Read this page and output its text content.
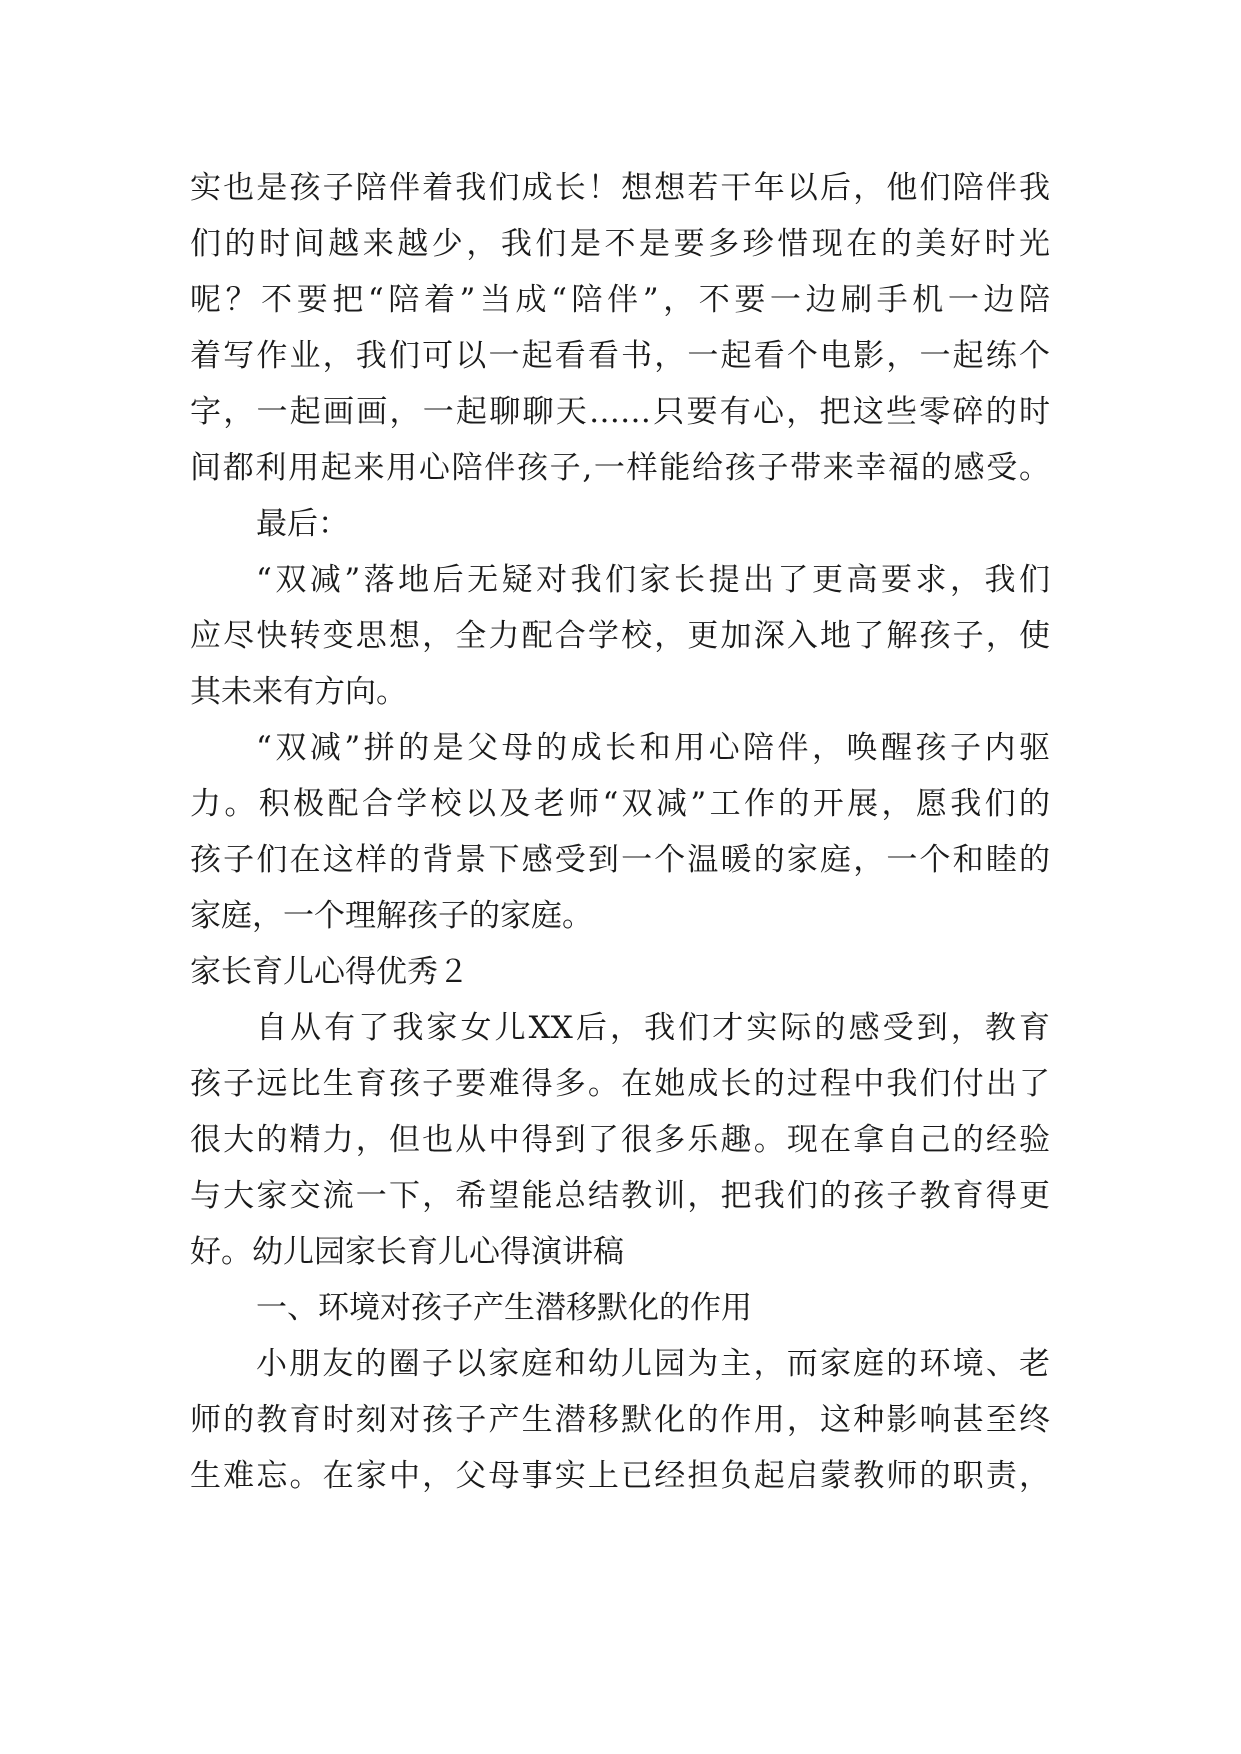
实也是孩子陪伴着我们成长！想想若干年以后，他们陪伴我
们的时间越来越少，我们是不是要多珍惜现在的美好时光
呢？不要把“陪着”当成“陪伴”，不要一边刷手机一边陪
着写作业，我们可以一起看看书，一起看个电影，一起练个
字，一起画画，一起聊聊天……只要有心，把这些零碎的时
间都利用起来用心陪伴孩子,一样能给孩子带来幸福的感受。
最后：
“双减”落地后无疑对我们家长提出了更高要求，我们
应尽快转变思想，全力配合学校，更加深入地了解孩子，使
其未来有方向。
“双减”拼的是父母的成长和用心陪伴，唤醒孩子内驱
力。积极配合学校以及老师“双减”工作的开展，愿我们的
孩子们在这样的背景下感受到一个温暖的家庭，一个和睦的
家庭，一个理解孩子的家庭。
家长育儿心得优秀２
自从有了我家女儿XX后，我们才实际的感受到，教育
孩子远比生育孩子要难得多。在她成长的过程中我们付出了
很大的精力，但也从中得到了很多乐趣。现在拿自己的经验
与大家交流一下，希望能总结教训，把我们的孩子教育得更
好。幼儿园家长育儿心得演讲稿
一、环境对孩子产生潜移默化的作用
小朋友的圈子以家庭和幼儿园为主，而家庭的环境、老
师的教育时刻对孩子产生潜移默化的作用，这种影响甚至终
生难忘。在家中，父母事实上已经担负起启蒙教师的职责，
